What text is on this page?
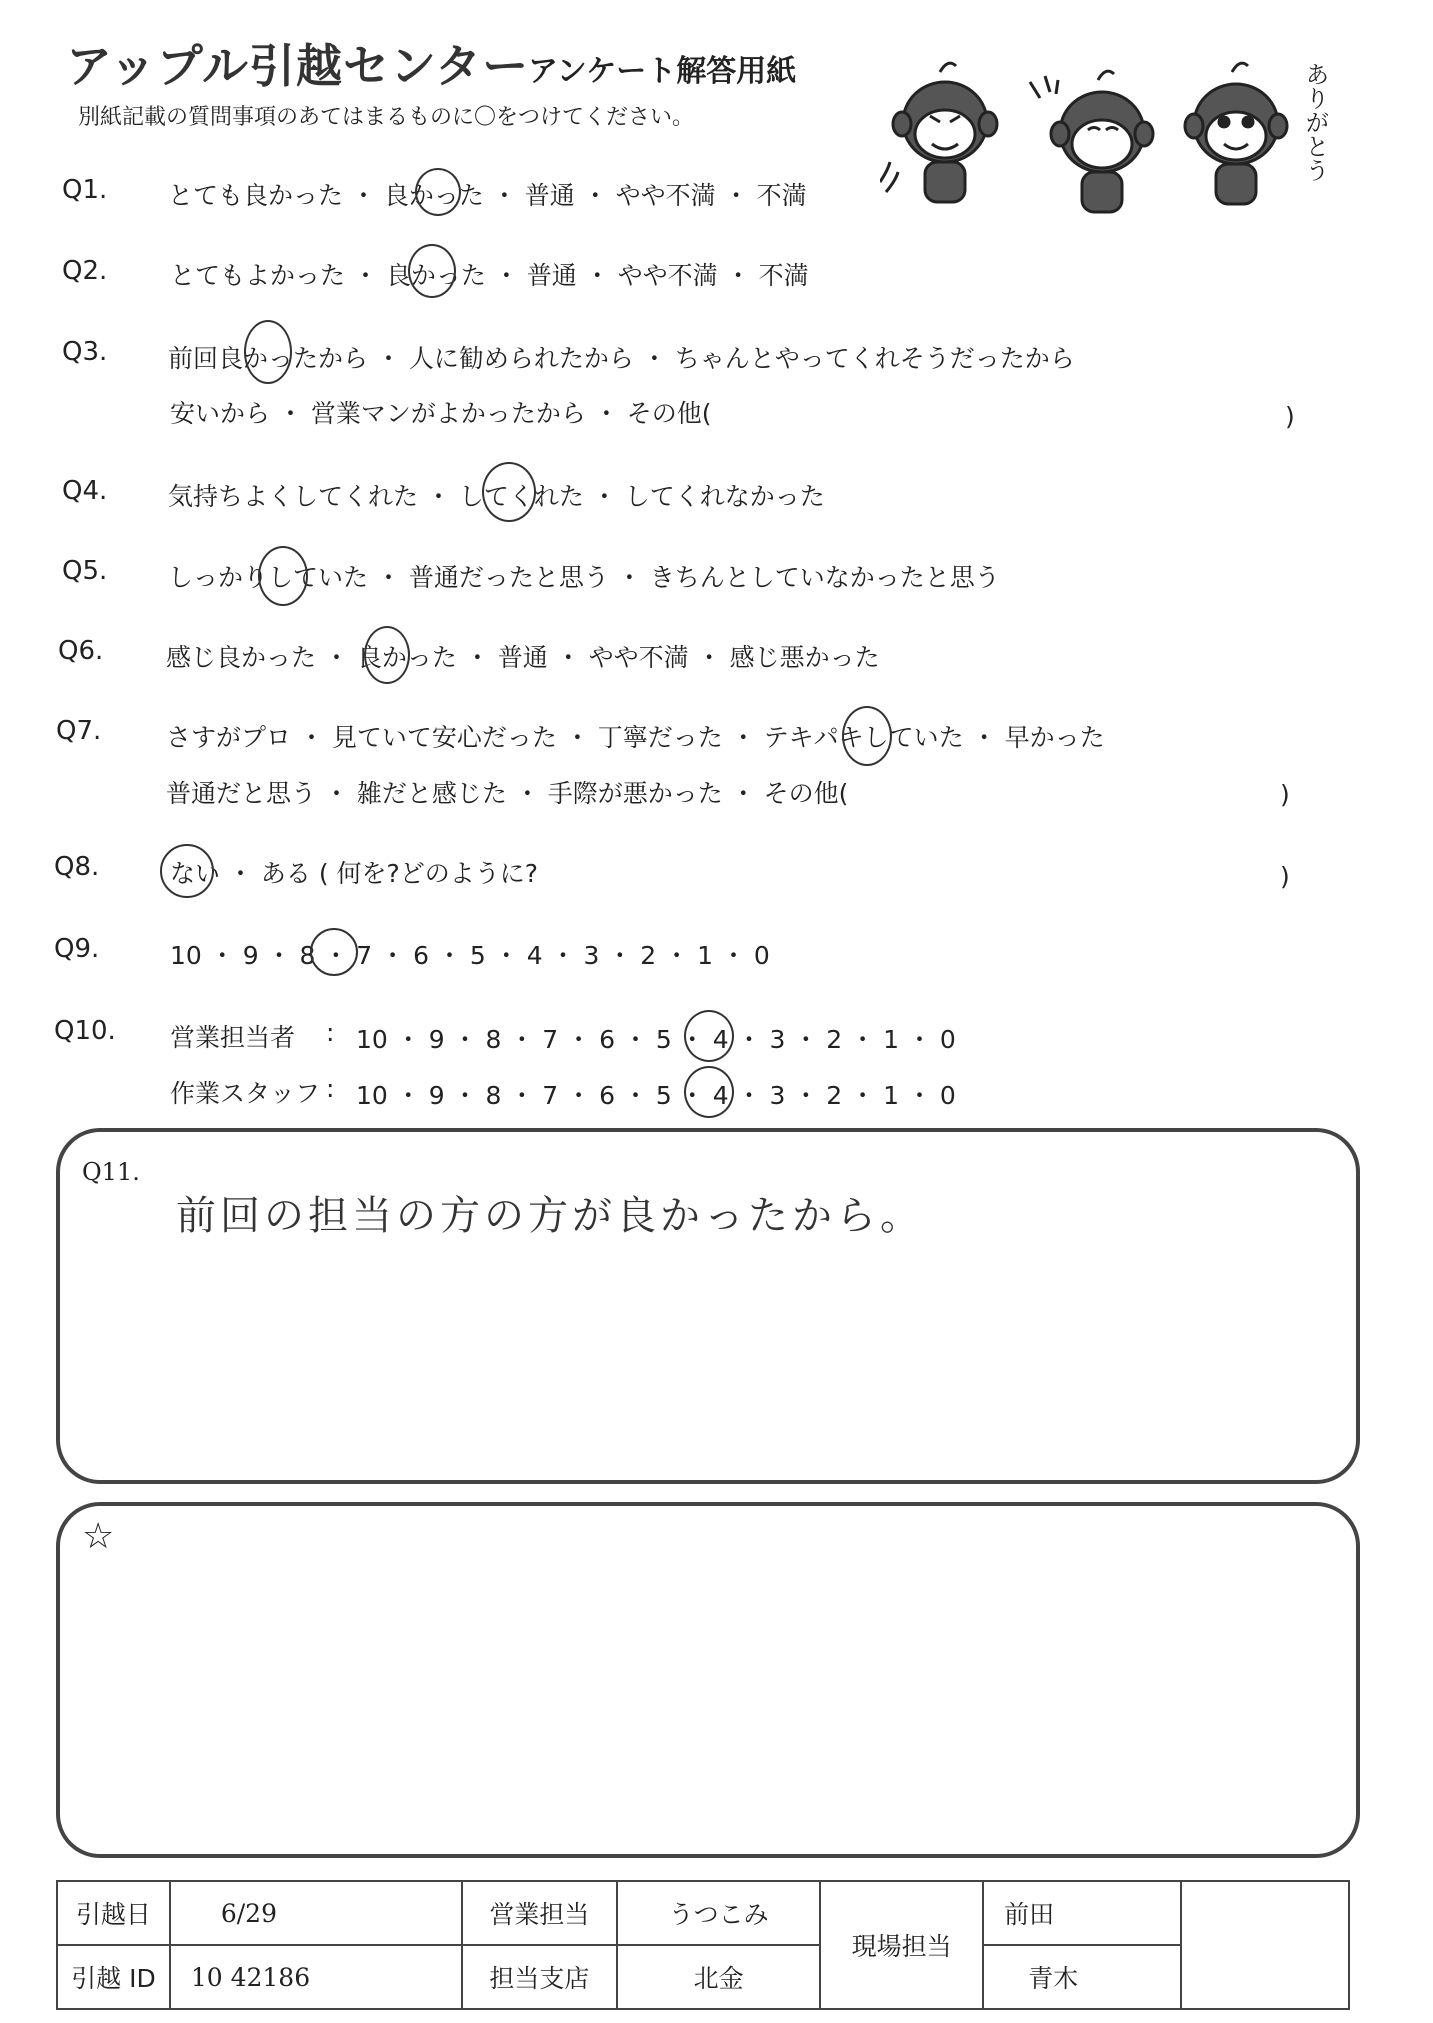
アップル引越センター
アンケート解答用紙
別紙記載の質問事項のあてはまるものに〇をつけてください。	ありがとう
Q1. とても良かった ・ 良かった ・ 普通 ・ やや不満 ・ 不満
Q2.	とてもよかった ・ 良かった ・ 普通 ・ やや不満 ・ 不満
Q3. 前回良かったから ・ 人に勧められたから ・ ちゃんとやってくれそうだったから
安いから ・ 営業マンがよかったから ・ その他(	)
Q4. 気持ちよくしてくれた ・ してくれた ・ してくれなかった
Q5. しっかりしていた ・ 普通だったと思う ・ きちんとしていなかったと思う
Q6.	感じ良かった ・ 良かった ・ 普通 ・ やや不満 ・ 感じ悪かった
Q7.	さすがプロ ・ 見ていて安心だった ・ 丁寧だった ・ テキパキしていた ・ 早かった
普通だと思う ・ 雑だと感じた ・ 手際が悪かった ・ その他(	)
Q8.	ない ・ ある ( 何を?どのように?	)
Q9.	10 ・ 9 ・ 8 ・ 7 ・ 6 ・ 5 ・ 4 ・ 3 ・ 2 ・ 1 ・ 0
Q10. 営業担当者 : 10 ・ 9 ・ 8 ・ 7 ・ 6 ・ 5 ・ 4 ・ 3 ・ 2 ・ 1 ・ 0
作業スタッフ : 10 ・ 9 ・ 8 ・ 7 ・ 6 ・ 5 ・ 4 ・ 3 ・ 2 ・ 1 ・ 0
Q11.
前回の担当の方の方が良かったから。
☆
引越日	6/29	営業担当	うつこみ	現場担当	前田	
引越 ID	10 42186	担当支店	北金		青木	
